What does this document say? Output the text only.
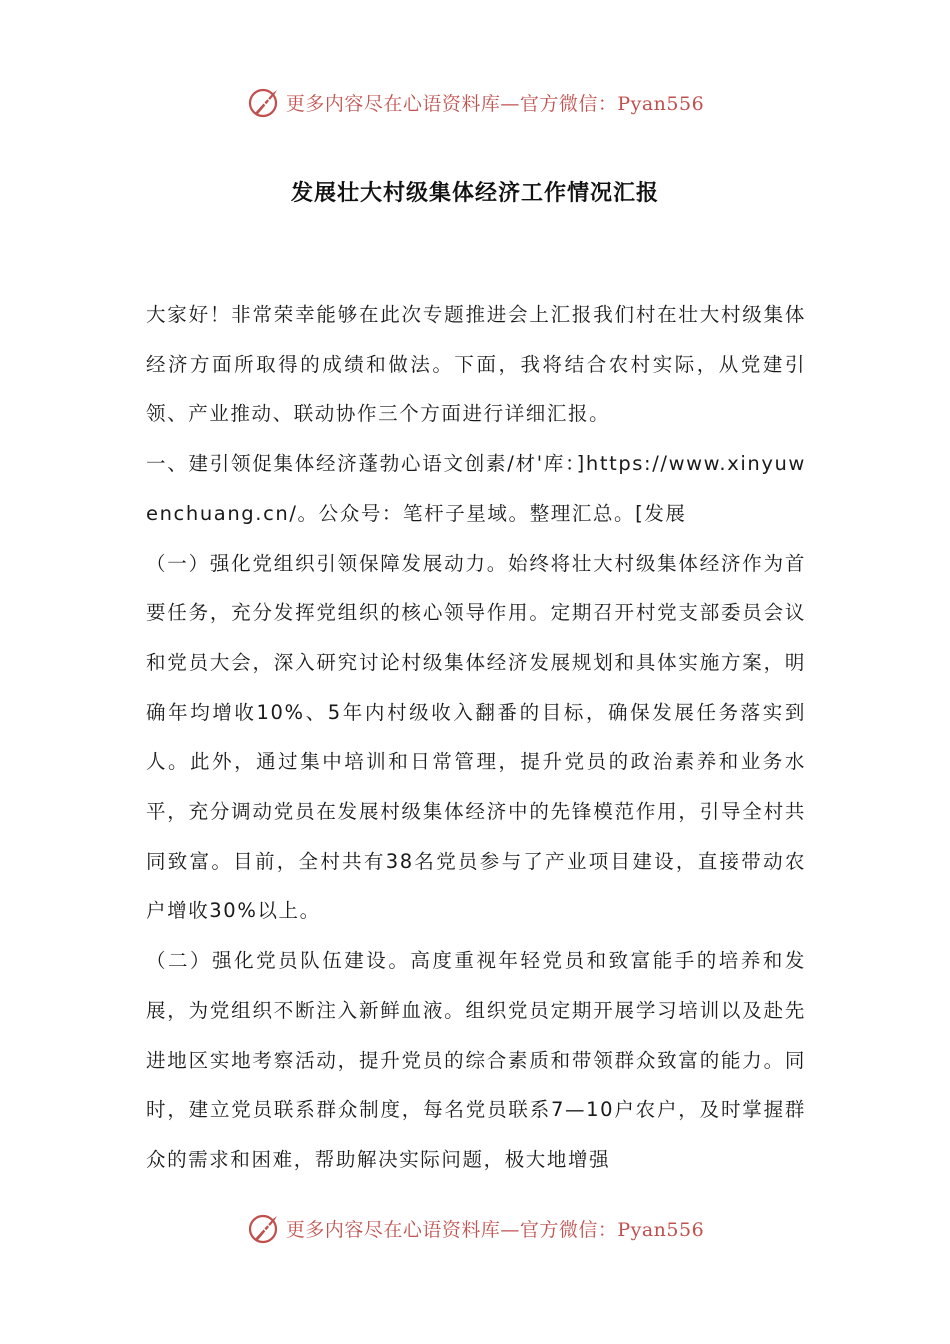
更多内容尽在心语资料库—官方微信：Pyan556
发展壮大村级集体经济工作情况汇报

大家好！非常荣幸能够在此次专题推进会上汇报我们村在壮大村级集体经济方面所取得的成绩和做法。下面，我将结合农村实际，从党建引领、产业推动、联动协作三个方面进行详细汇报。

一、建引领促集体经济蓬勃心语文创素/材'库：]https://www.xinyuwenchuang.cn/。公众号：笔杆子星域。整理汇总。[发展

（一）强化党组织引领保障发展动力。始终将壮大村级集体经济作为首要任务，充分发挥党组织的核心领导作用。定期召开村党支部委员会议和党员大会，深入研究讨论村级集体经济发展规划和具体实施方案，明确年均增收10%、5年内村级收入翻番的目标，确保发展任务落实到人。此外，通过集中培训和日常管理，提升党员的政治素养和业务水平，充分调动党员在发展村级集体经济中的先锋模范作用，引导全村共同致富。目前，全村共有38名党员参与了产业项目建设，直接带动农户增收30%以上。

（二）强化党员队伍建设。高度重视年轻党员和致富能手的培养和发展，为党组织不断注入新鲜血液。组织党员定期开展学习培训以及赴先进地区实地考察活动，提升党员的综合素质和带领群众致富的能力。同时，建立党员联系群众制度，每名党员联系7—10户农户，及时掌握群众的需求和困难，帮助解决实际问题，极大地增强

更多内容尽在心语资料库—官方微信：Pyan556
